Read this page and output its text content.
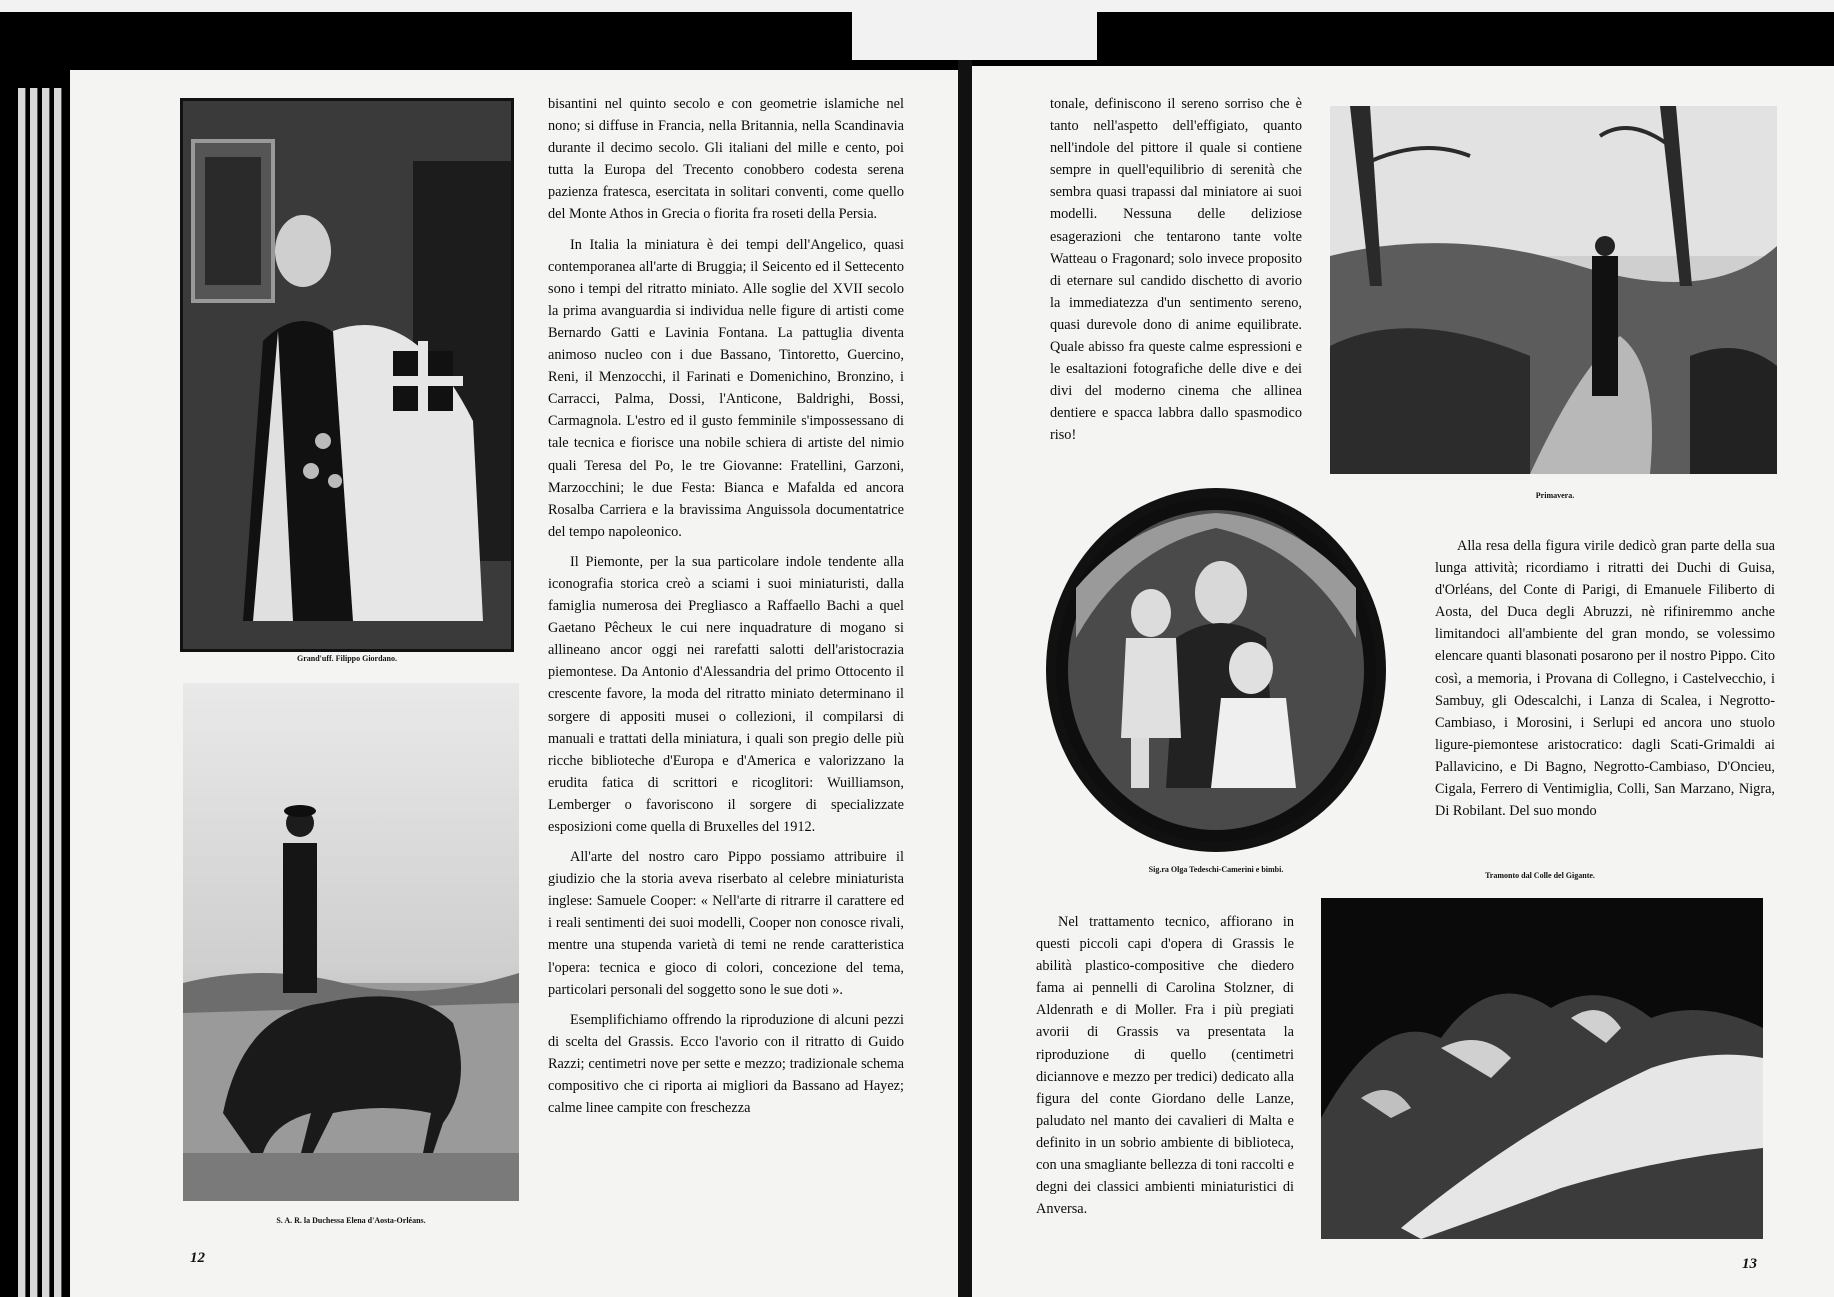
Grand'uff. Filippo Giordano.
S. A. R. la Duchessa Elena d'Aosta-Orléans.
12

bisantini nel quinto secolo e con geometrie islamiche nel nono; si diffuse in Francia, nella Britannia, nella Scandinavia durante il decimo secolo. Gli italiani del mille e cento, poi tutta la Europa del Trecento conobbero codesta serena pazienza fratesca, esercitata in solitari conventi, come quello del Monte Athos in Grecia o fiorita fra roseti della Persia.

In Italia la miniatura è dei tempi dell'Angelico, quasi contemporanea all'arte di Bruggia; il Seicento ed il Settecento sono i tempi del ritratto miniato. Alle soglie del XVII secolo la prima avanguardia si individua nelle figure di artisti come Bernardo Gatti e Lavinia Fontana. La pattuglia diventa animoso nucleo con i due Bassano, Tintoretto, Guercino, Reni, il Menzocchi, il Farinati e Domenichino, Bronzino, i Carracci, Palma, Dossi, l'Anticone, Baldrighi, Bossi, Carmagnola. L'estro ed il gusto femminile s'impossessano di tale tecnica e fiorisce una nobile schiera di artiste del nimio quali Teresa del Po, le tre Giovanne: Fratellini, Garzoni, Marzocchini; le due Festa: Bianca e Mafalda ed ancora Rosalba Carriera e la bravissima Anguissola documentatrice del tempo napoleonico.

Il Piemonte, per la sua particolare indole tendente alla iconografia storica creò a sciami i suoi miniaturisti, dalla famiglia numerosa dei Pregliasco a Raffaello Bachi a quel Gaetano Pêcheux le cui nere inquadrature di mogano si allineano ancor oggi nei rarefatti salotti dell'aristocrazia piemontese. Da Antonio d'Alessandria del primo Ottocento il crescente favore, la moda del ritratto miniato determinano il sorgere di appositi musei o collezioni, il compilarsi di manuali e trattati della miniatura, i quali son pregio delle più ricche biblioteche d'Europa e d'America e valorizzano la erudita fatica di scrittori e ricoglitori: Wuilliamson, Lemberger o favoriscono il sorgere di specializzate esposizioni come quella di Bruxelles del 1912.

All'arte del nostro caro Pippo possiamo attribuire il giudizio che la storia aveva riserbato al celebre miniaturista inglese: Samuele Cooper: « Nell'arte di ritrarre il carattere ed i reali sentimenti dei suoi modelli, Cooper non conosce rivali, mentre una stupenda varietà di temi ne rende caratteristica l'opera: tecnica e gioco di colori, concezione del tema, particolari personali del soggetto sono le sue doti ».

Esemplifichiamo offrendo la riproduzione di alcuni pezzi di scelta del Grassis. Ecco l'avorio con il ritratto di Guido Razzi; centimetri nove per sette e mezzo; tradizionale schema compositivo che ci riporta ai migliori da Bassano ad Hayez; calme linee campite con freschezza

tonale, definiscono il sereno sorriso che è tanto nell'aspetto dell'effigiato, quanto nell'indole del pittore il quale si contiene sempre in quell'equilibrio di serenità che sembra quasi trapassi dal miniatore ai suoi modelli. Nessuna delle deliziose esagerazioni che tentarono tante volte Watteau o Fragonard; solo invece proposito di eternare sul candido dischetto di avorio la immediatezza d'un sentimento sereno, quasi durevole dono di anime equilibrate. Quale abisso fra queste calme espressioni e le esaltazioni fotografiche delle dive e dei divi del moderno cinema che allinea dentiere e spacca labbra dallo spasmodico riso!

Primavera.
Sig.ra Olga Tedeschi-Camerini e bimbi.

Alla resa della figura virile dedicò gran parte della sua lunga attività; ricordiamo i ritratti dei Duchi di Guisa, d'Orléans, del Conte di Parigi, di Emanuele Filiberto di Aosta, del Duca degli Abruzzi, nè rifiniremmo anche limitandoci all'ambiente del gran mondo, se volessimo elencare quanti blasonati posarono per il nostro Pippo. Cito così, a memoria, i Provana di Collegno, i Castelvecchio, i Sambuy, gli Odescalchi, i Lanza di Scalea, i Negrotto-Cambiaso, i Morosini, i Serlupi ed ancora uno stuolo ligure-piemontese aristocratico: dagli Scati-Grimaldi ai Pallavicino, e Di Bagno, Negrotto-Cambiaso, D'Oncieu, Cigala, Ferrero di Ventimiglia, Colli, San Marzano, Nigra, Di Robilant. Del suo mondo

Tramonto dal Colle del Gigante.

Nel trattamento tecnico, affiorano in questi piccoli capi d'opera di Grassis le abilità plastico-compositive che diedero fama ai pennelli di Carolina Stolzner, di Aldenrath e di Moller. Fra i più pregiati avorii di Grassis va presentata la riproduzione di quello (centimetri diciannove e mezzo per tredici) dedicato alla figura del conte Giordano delle Lanze, paludato nel manto dei cavalieri di Malta e definito in un sobrio ambiente di biblioteca, con una smagliante bellezza di toni raccolti e degni dei classici ambienti miniaturistici di Anversa.

13
